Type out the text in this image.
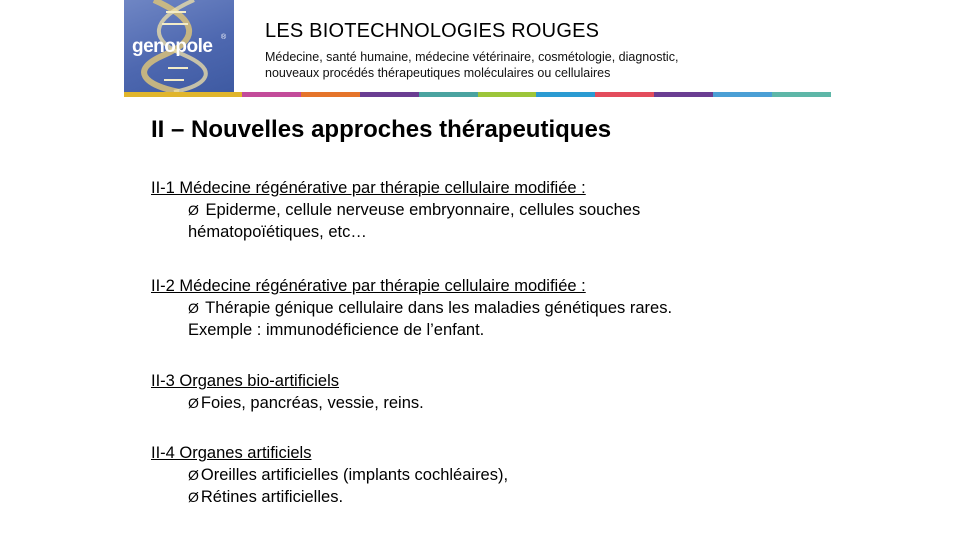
genopole ® LES BIOTECHNOLOGIES ROUGES
Médecine, santé humaine, médecine vétérinaire, cosmétologie, diagnostic,
nouveaux procédés thérapeutiques moléculaires ou cellulaires
II – Nouvelles approches thérapeutiques
II-1 Médecine régénérative par thérapie cellulaire modifiée :
Ø Epiderme, cellule nerveuse embryonnaire, cellules souches
hématopoïétiques, etc…
II-2 Médecine régénérative par thérapie cellulaire modifiée :
Ø Thérapie génique cellulaire dans les maladies génétiques rares.
Exemple : immunodéficience de l’enfant.
II-3 Organes bio-artificiels
Ø Foies, pancréas, vessie, reins.
II-4 Organes artificiels
Ø Oreilles artificielles (implants cochléaires),
Ø Rétines artificielles.
